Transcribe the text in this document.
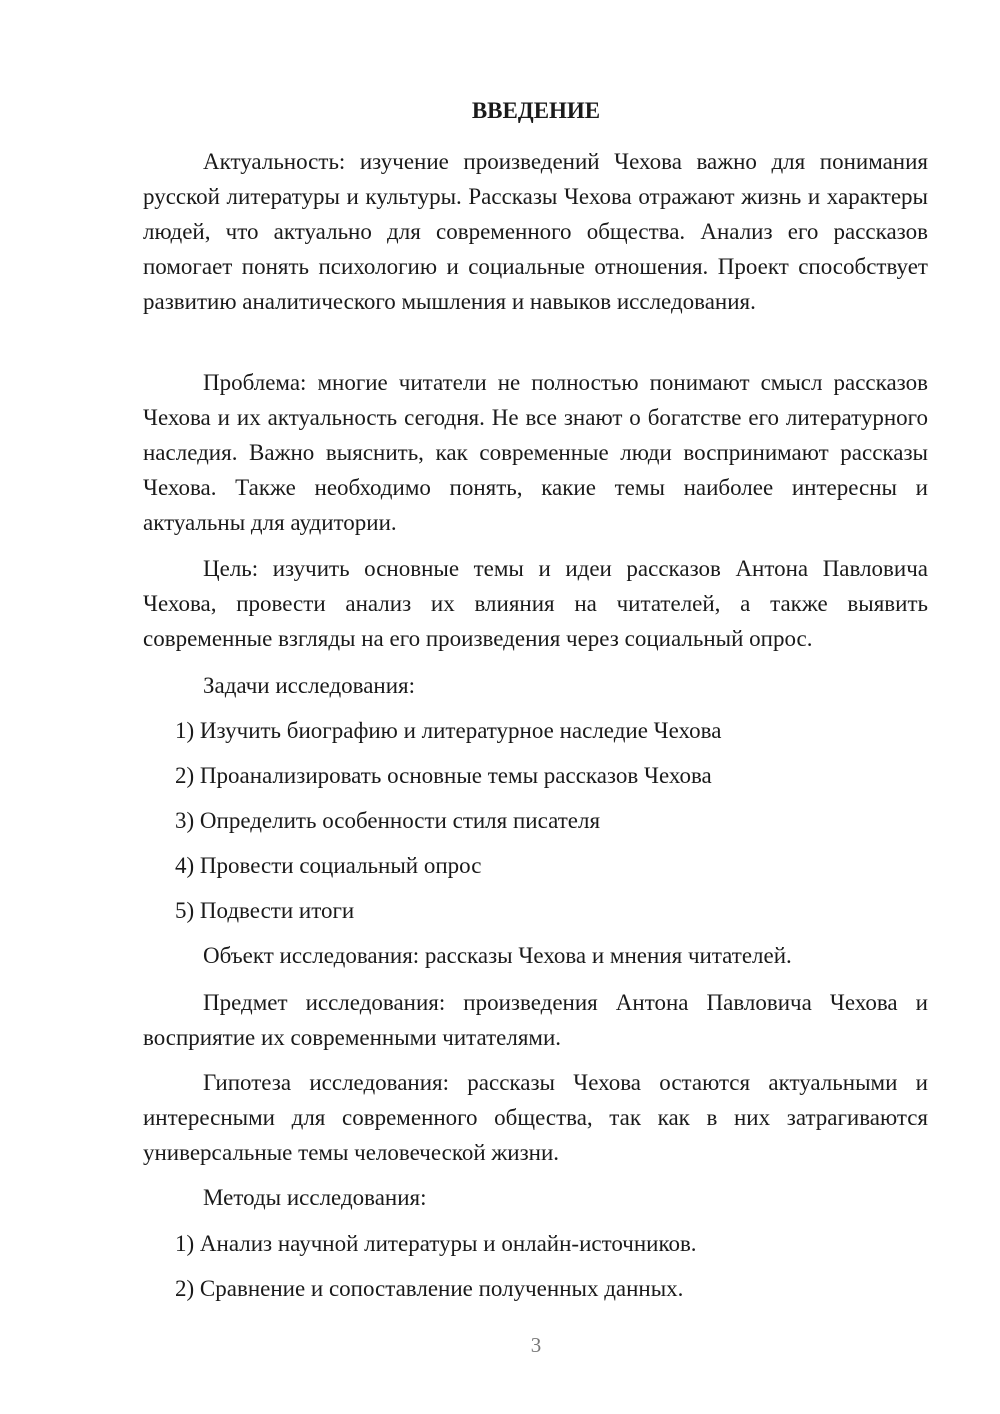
ВВЕДЕНИЕ

Актуальность: изучение произведений Чехова важно для понимания русской литературы и культуры. Рассказы Чехова отражают жизнь и характеры людей, что актуально для современного общества. Анализ его рассказов помогает понять психологию и социальные отношения. Проект способствует развитию аналитического мышления и навыков исследования.

Проблема: многие читатели не полностью понимают смысл рассказов Чехова и их актуальность сегодня. Не все знают о богатстве его литературного наследия. Важно выяснить, как современные люди воспринимают рассказы Чехова. Также необходимо понять, какие темы наиболее интересны и актуальны для аудитории.

Цель: изучить основные темы и идеи рассказов Антона Павловича Чехова, провести анализ их влияния на читателей, а также выявить современные взгляды на его произведения через социальный опрос.

Задачи исследования:
1) Изучить биографию и литературное наследие Чехова
2) Проанализировать основные темы рассказов Чехова
3) Определить особенности стиля писателя
4) Провести социальный опрос
5) Подвести итоги
Объект исследования: рассказы Чехова и мнения читателей.

Предмет исследования: произведения Антона Павловича Чехова и восприятие их современными читателями.

Гипотеза исследования: рассказы Чехова остаются актуальными и интересными для современного общества, так как в них затрагиваются универсальные темы человеческой жизни.

Методы исследования:
1) Анализ научной литературы и онлайн-источников.
2) Сравнение и сопоставление полученных данных.
3
